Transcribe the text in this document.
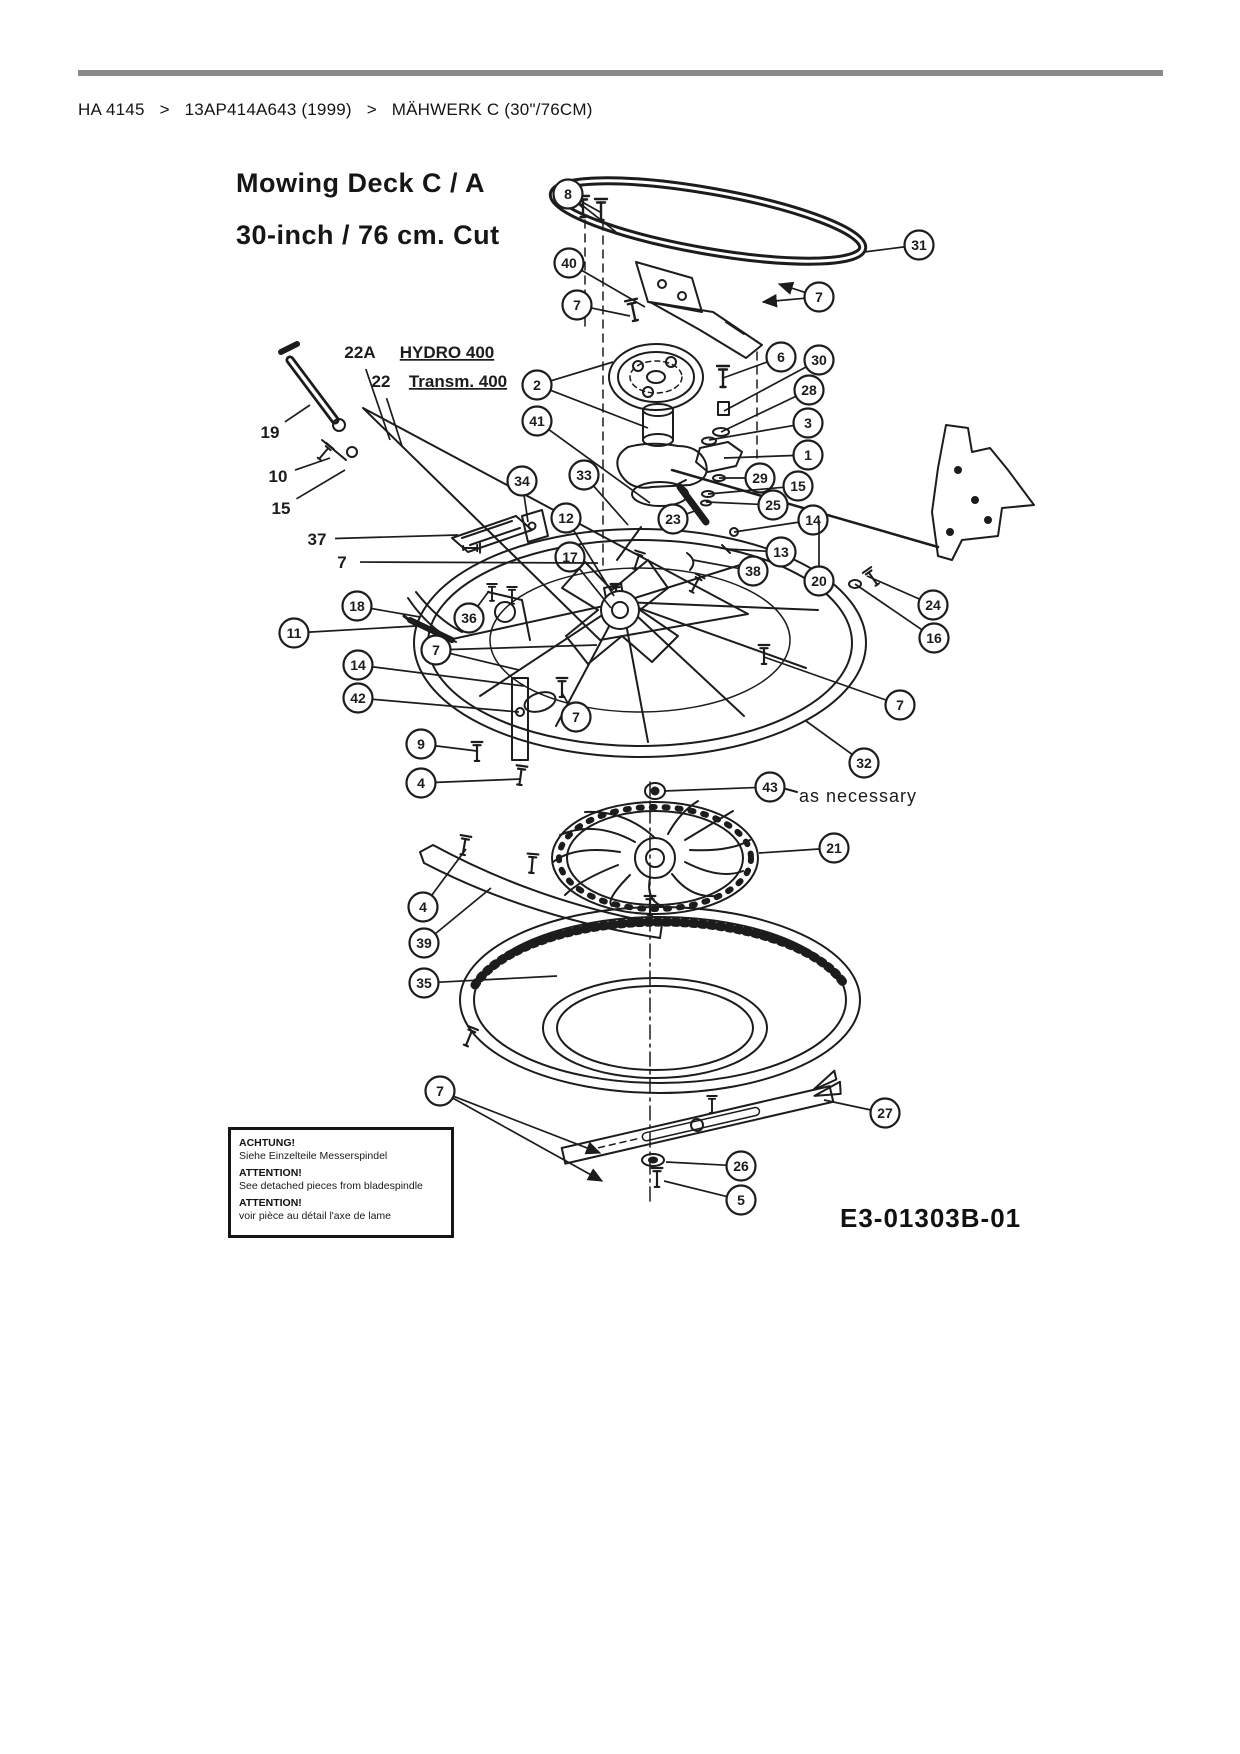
HA 4145 > 13AP414A643 (1999) > MÄHWERK C (30"/76CM)
Mowing Deck C / A
30-inch / 76 cm. Cut
8
31
40
7	7
2
41
6 30
28
3
1
29 15
25
34	33
12
17
23	14
13
38
20
24
16
18
36
11
7
14
42
9
4
7
7
32
43
21
4
39
35
7
27
26
5
22A HYDRO 400
22 Transm. 400
19
10
15
37
7
as necessary
ACHTUNG!
Siehe Einzelteile Messerspindel
ATTENTION!
See detached pieces from bladespindle
ATTENTION!
voir pièce au détail l'axe de lame	E3-01303B-01
